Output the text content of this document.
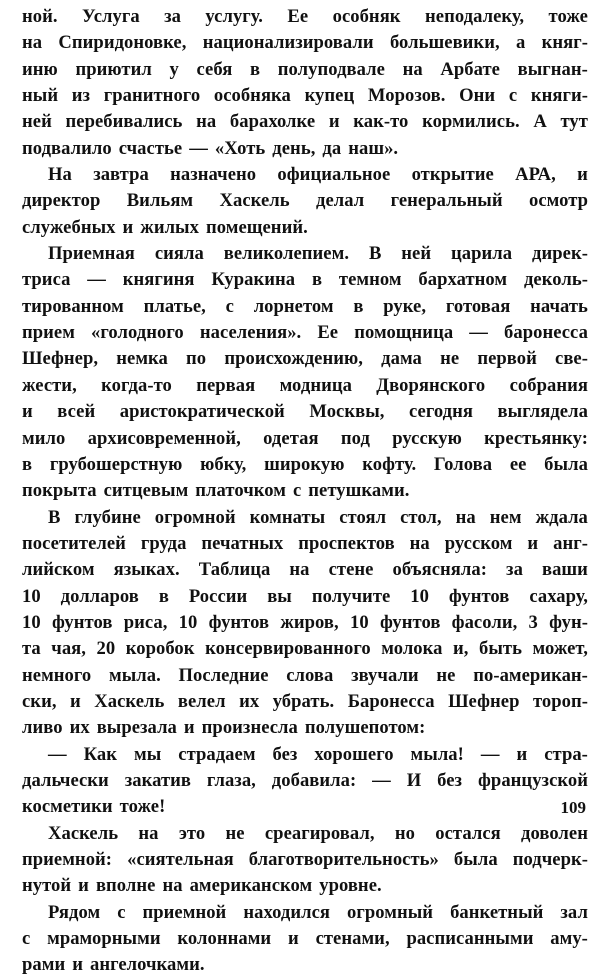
ной. Услуга за услугу. Ее особняк неподалеку, тоже
на Спиридоновке, национализировали большевики, а княг-
иню приютил у себя в полуподвале на Арбате выгнан-
ный из гранитного особняка купец Морозов. Они с княги-
ней перебивались на барахолке и как-то кормились. А тут
подвалило счастье — «Хоть день, да наш».
На завтра назначено официальное открытие АРА, и
директор Вильям Хаскель делал генеральный осмотр
служебных и жилых помещений.
Приемная сияла великолепием. В ней царила дирек-
триса — княгиня Куракина в темном бархатном деколь-
тированном платье, с лорнетом в руке, готовая начать
прием «голодного населения». Ее помощница — баронесса
Шефнер, немка по происхождению, дама не первой све-
жести, когда-то первая модница Дворянского собрания
и всей аристократической Москвы, сегодня выглядела
мило архисовременной, одетая под русскую крестьянку:
в грубошерстную юбку, широкую кофту. Голова ее была
покрыта ситцевым платочком с петушками.
В глубине огромной комнаты стоял стол, на нем ждала
посетителей груда печатных проспектов на русском и анг-
лийском языках. Таблица на стене объясняла: за ваши
10 долларов в России вы получите 10 фунтов сахару,
10 фунтов риса, 10 фунтов жиров, 10 фунтов фасоли, 3 фун-
та чая, 20 коробок консервированного молока и, быть может,
немного мыла. Последние слова звучали не по-американ-
ски, и Хаскель велел их убрать. Баронесса Шефнер тороп-
ливо их вырезала и произнесла полушепотом:
— Как мы страдаем без хорошего мыла! — и стра-
дальчески закатив глаза, добавила: — И без французской
косметики тоже!
Хаскель на это не среагировал, но остался доволен
приемной: «сиятельная благотворительность» была подчерк-
нутой и вполне на американском уровне.
Рядом с приемной находился огромный банкетный зал
с мраморными колоннами и стенами, расписанными аму-
рами и ангелочками.
109
